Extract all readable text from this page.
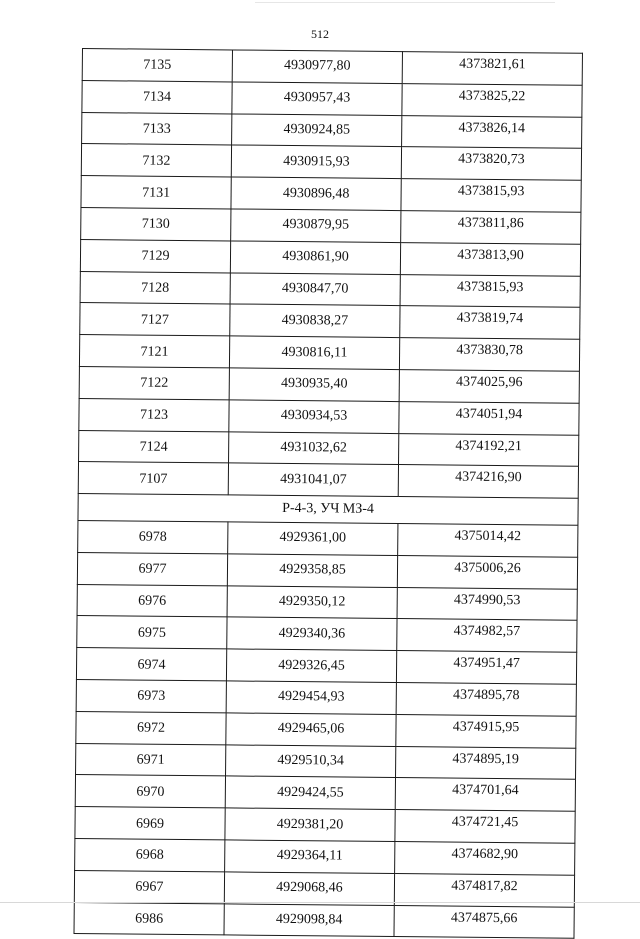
512
7135	4930977,80	4373821,61
7134	4930957,43	4373825,22
7133	4930924,85	4373826,14
7132	4930915,93	4373820,73
7131	4930896,48	4373815,93
7130	4930879,95	4373811,86
7129	4930861,90	4373813,90
7128	4930847,70	4373815,93
7127	4930838,27	4373819,74
7121	4930816,11	4373830,78
7122	4930935,40	4374025,96
7123	4930934,53	4374051,94
7124	4931032,62	4374192,21
7107	4931041,07	4374216,90
Р-4-3, УЧ МЗ-4		
6978	4929361,00	4375014,42
6977	4929358,85	4375006,26
6976	4929350,12	4374990,53
6975	4929340,36	4374982,57
6974	4929326,45	4374951,47
6973	4929454,93	4374895,78
6972	4929465,06	4374915,95
6971	4929510,34	4374895,19
6970	4929424,55	4374701,64
6969	4929381,20	4374721,45
6968	4929364,11	4374682,90
6967	4929068,46	4374817,82
6986	4929098,84	4374875,66
